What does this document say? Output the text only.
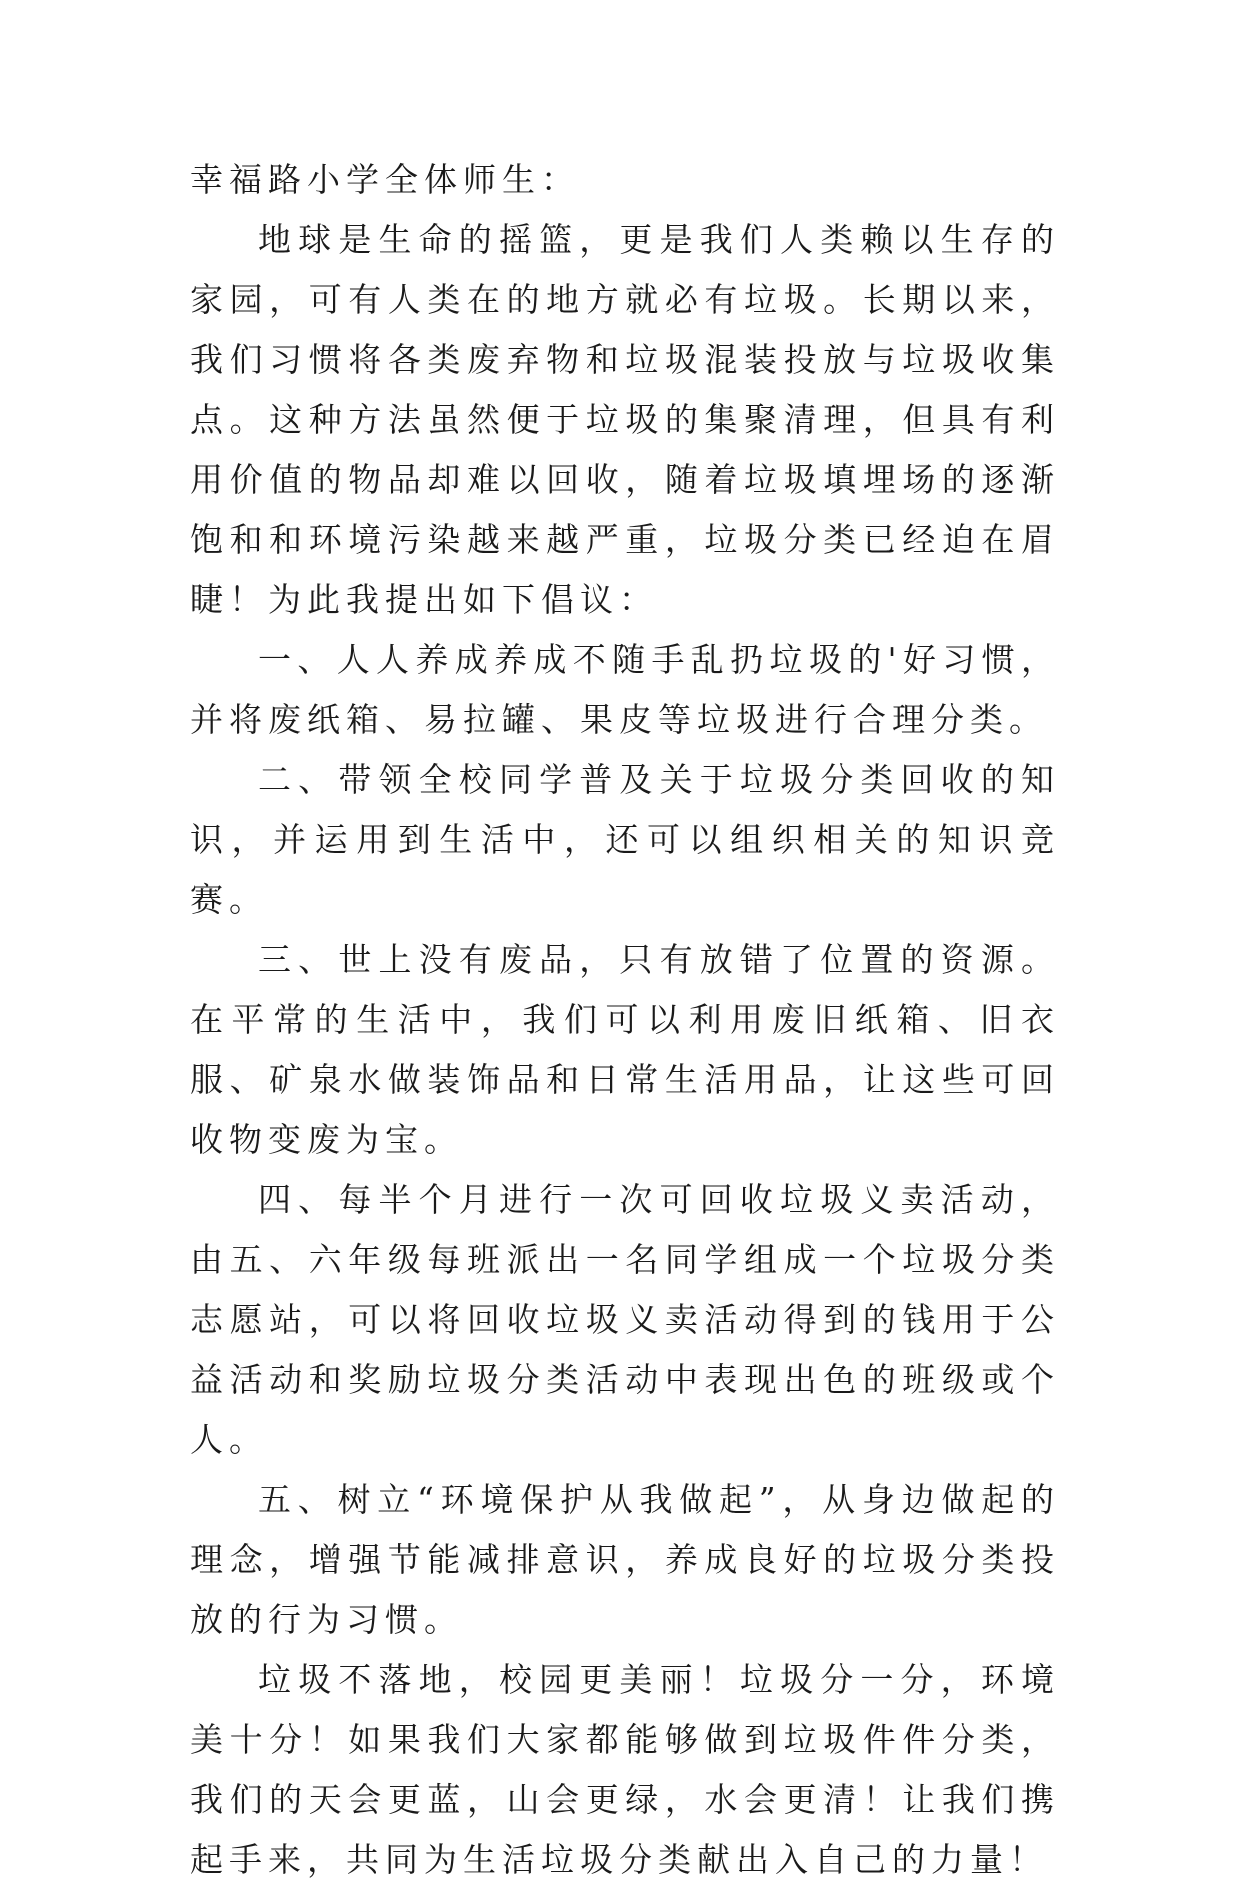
幸福路小学全体师生：

地球是生命的摇篮，更是我们人类赖以生存的家园，可有人类在的地方就必有垃圾。长期以来，我们习惯将各类废弃物和垃圾混装投放与垃圾收集点。这种方法虽然便于垃圾的集聚清理，但具有利用价值的物品却难以回收，随着垃圾填埋场的逐渐饱和和环境污染越来越严重，垃圾分类已经迫在眉睫！为此我提出如下倡议：

一、人人养成养成不随手乱扔垃圾的'好习惯，并将废纸箱、易拉罐、果皮等垃圾进行合理分类。

二、带领全校同学普及关于垃圾分类回收的知识，并运用到生活中，还可以组织相关的知识竞赛。

三、世上没有废品，只有放错了位置的资源。在平常的生活中，我们可以利用废旧纸箱、旧衣服、矿泉水做装饰品和日常生活用品，让这些可回收物变废为宝。

四、每半个月进行一次可回收垃圾义卖活动，由五、六年级每班派出一名同学组成一个垃圾分类志愿站，可以将回收垃圾义卖活动得到的钱用于公益活动和奖励垃圾分类活动中表现出色的班级或个人。

五、树立“环境保护从我做起”，从身边做起的理念，增强节能减排意识，养成良好的垃圾分类投放的行为习惯。

垃圾不落地，校园更美丽！垃圾分一分，环境美十分！如果我们大家都能够做到垃圾件件分类，我们的天会更蓝，山会更绿，水会更清！让我们携起手来，共同为生活垃圾分类献出入自己的力量！
